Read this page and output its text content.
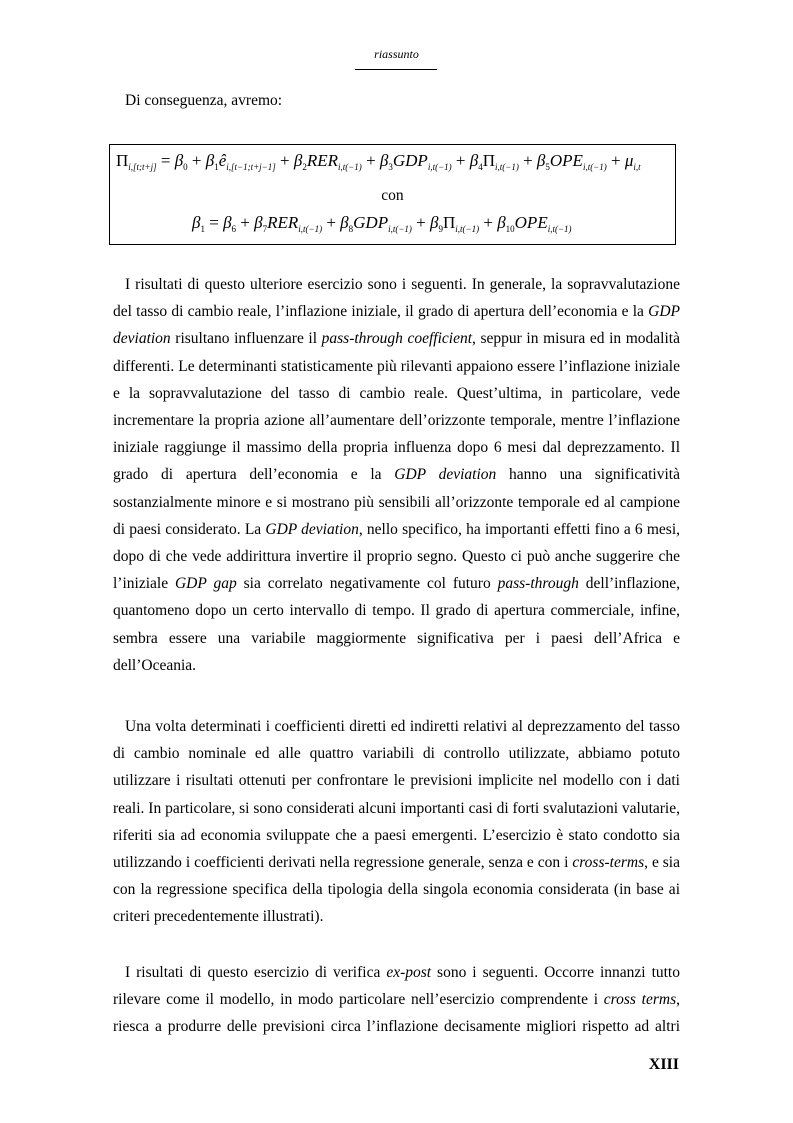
riassunto
Di conseguenza, avremo:
$\Pi_{i,[t;t+j]} = \beta_0$ + $\beta_1ê_{i,[t-1;t+j-1]} + \beta_2RER_{i,t(-1)} + \beta_3GDP_{i,t(-1)} + \beta_4\Pi_{i,t(-1)} + \beta_5OPE_{i,t(-1)} + \mu_{i,t}$
con
$\beta_1 = \beta_6 + \beta_7RER_{i,t(-1)} + \beta_8GDP_{i,t(-1)} + \beta_9\Pi_{i,t(-1)} + \beta_{10}OPE_{i,t(-1)}$

I risultati di questo ulteriore esercizio sono i seguenti. In generale, la sopravvalutazione del tasso di cambio reale, l’inflazione iniziale, il grado di apertura dell’economia e la GDP deviation risultano influenzare il pass-through coefficient, seppur in misura ed in modalità differenti. Le determinanti statisticamente più rilevanti appaiono essere l’inflazione iniziale e la sopravvalutazione del tasso di cambio reale. Quest’ultima, in particolare, vede incrementare la propria azione all’aumentare dell’orizzonte temporale, mentre l’inflazione iniziale raggiunge il massimo della propria influenza dopo 6 mesi dal deprezzamento. Il grado di apertura dell’economia e la GDP deviation hanno una significatività sostanzialmente minore e si mostrano più sensibili all’orizzonte temporale ed al campione di paesi considerato. La GDP deviation, nello specifico, ha importanti effetti fino a 6 mesi, dopo di che vede addirittura invertire il proprio segno. Questo ci può anche suggerire che l’iniziale GDP gap sia correlato negativamente col futuro pass-through dell’inflazione, quantomeno dopo un certo intervallo di tempo. Il grado di apertura commerciale, infine, sembra essere una variabile maggiormente significativa per i paesi dell’Africa e dell’Oceania.

Una volta determinati i coefficienti diretti ed indiretti relativi al deprezzamento del tasso di cambio nominale ed alle quattro variabili di controllo utilizzate, abbiamo potuto utilizzare i risultati ottenuti per confrontare le previsioni implicite nel modello con i dati reali. In particolare, si sono considerati alcuni importanti casi di forti svalutazioni valutarie, riferiti sia ad economia sviluppate che a paesi emergenti. L’esercizio è stato condotto sia utilizzando i coefficienti derivati nella regressione generale, senza e con i cross-terms, e sia con la regressione specifica della tipologia della singola economia considerata (in base ai criteri precedentemente illustrati).

I risultati di questo esercizio di verifica ex-post sono i seguenti. Occorre innanzi tutto rilevare come il modello, in modo particolare nell’esercizio comprendente i cross terms, riesca a produrre delle previsioni circa l’inflazione decisamente migliori rispetto ad altri

XIII
